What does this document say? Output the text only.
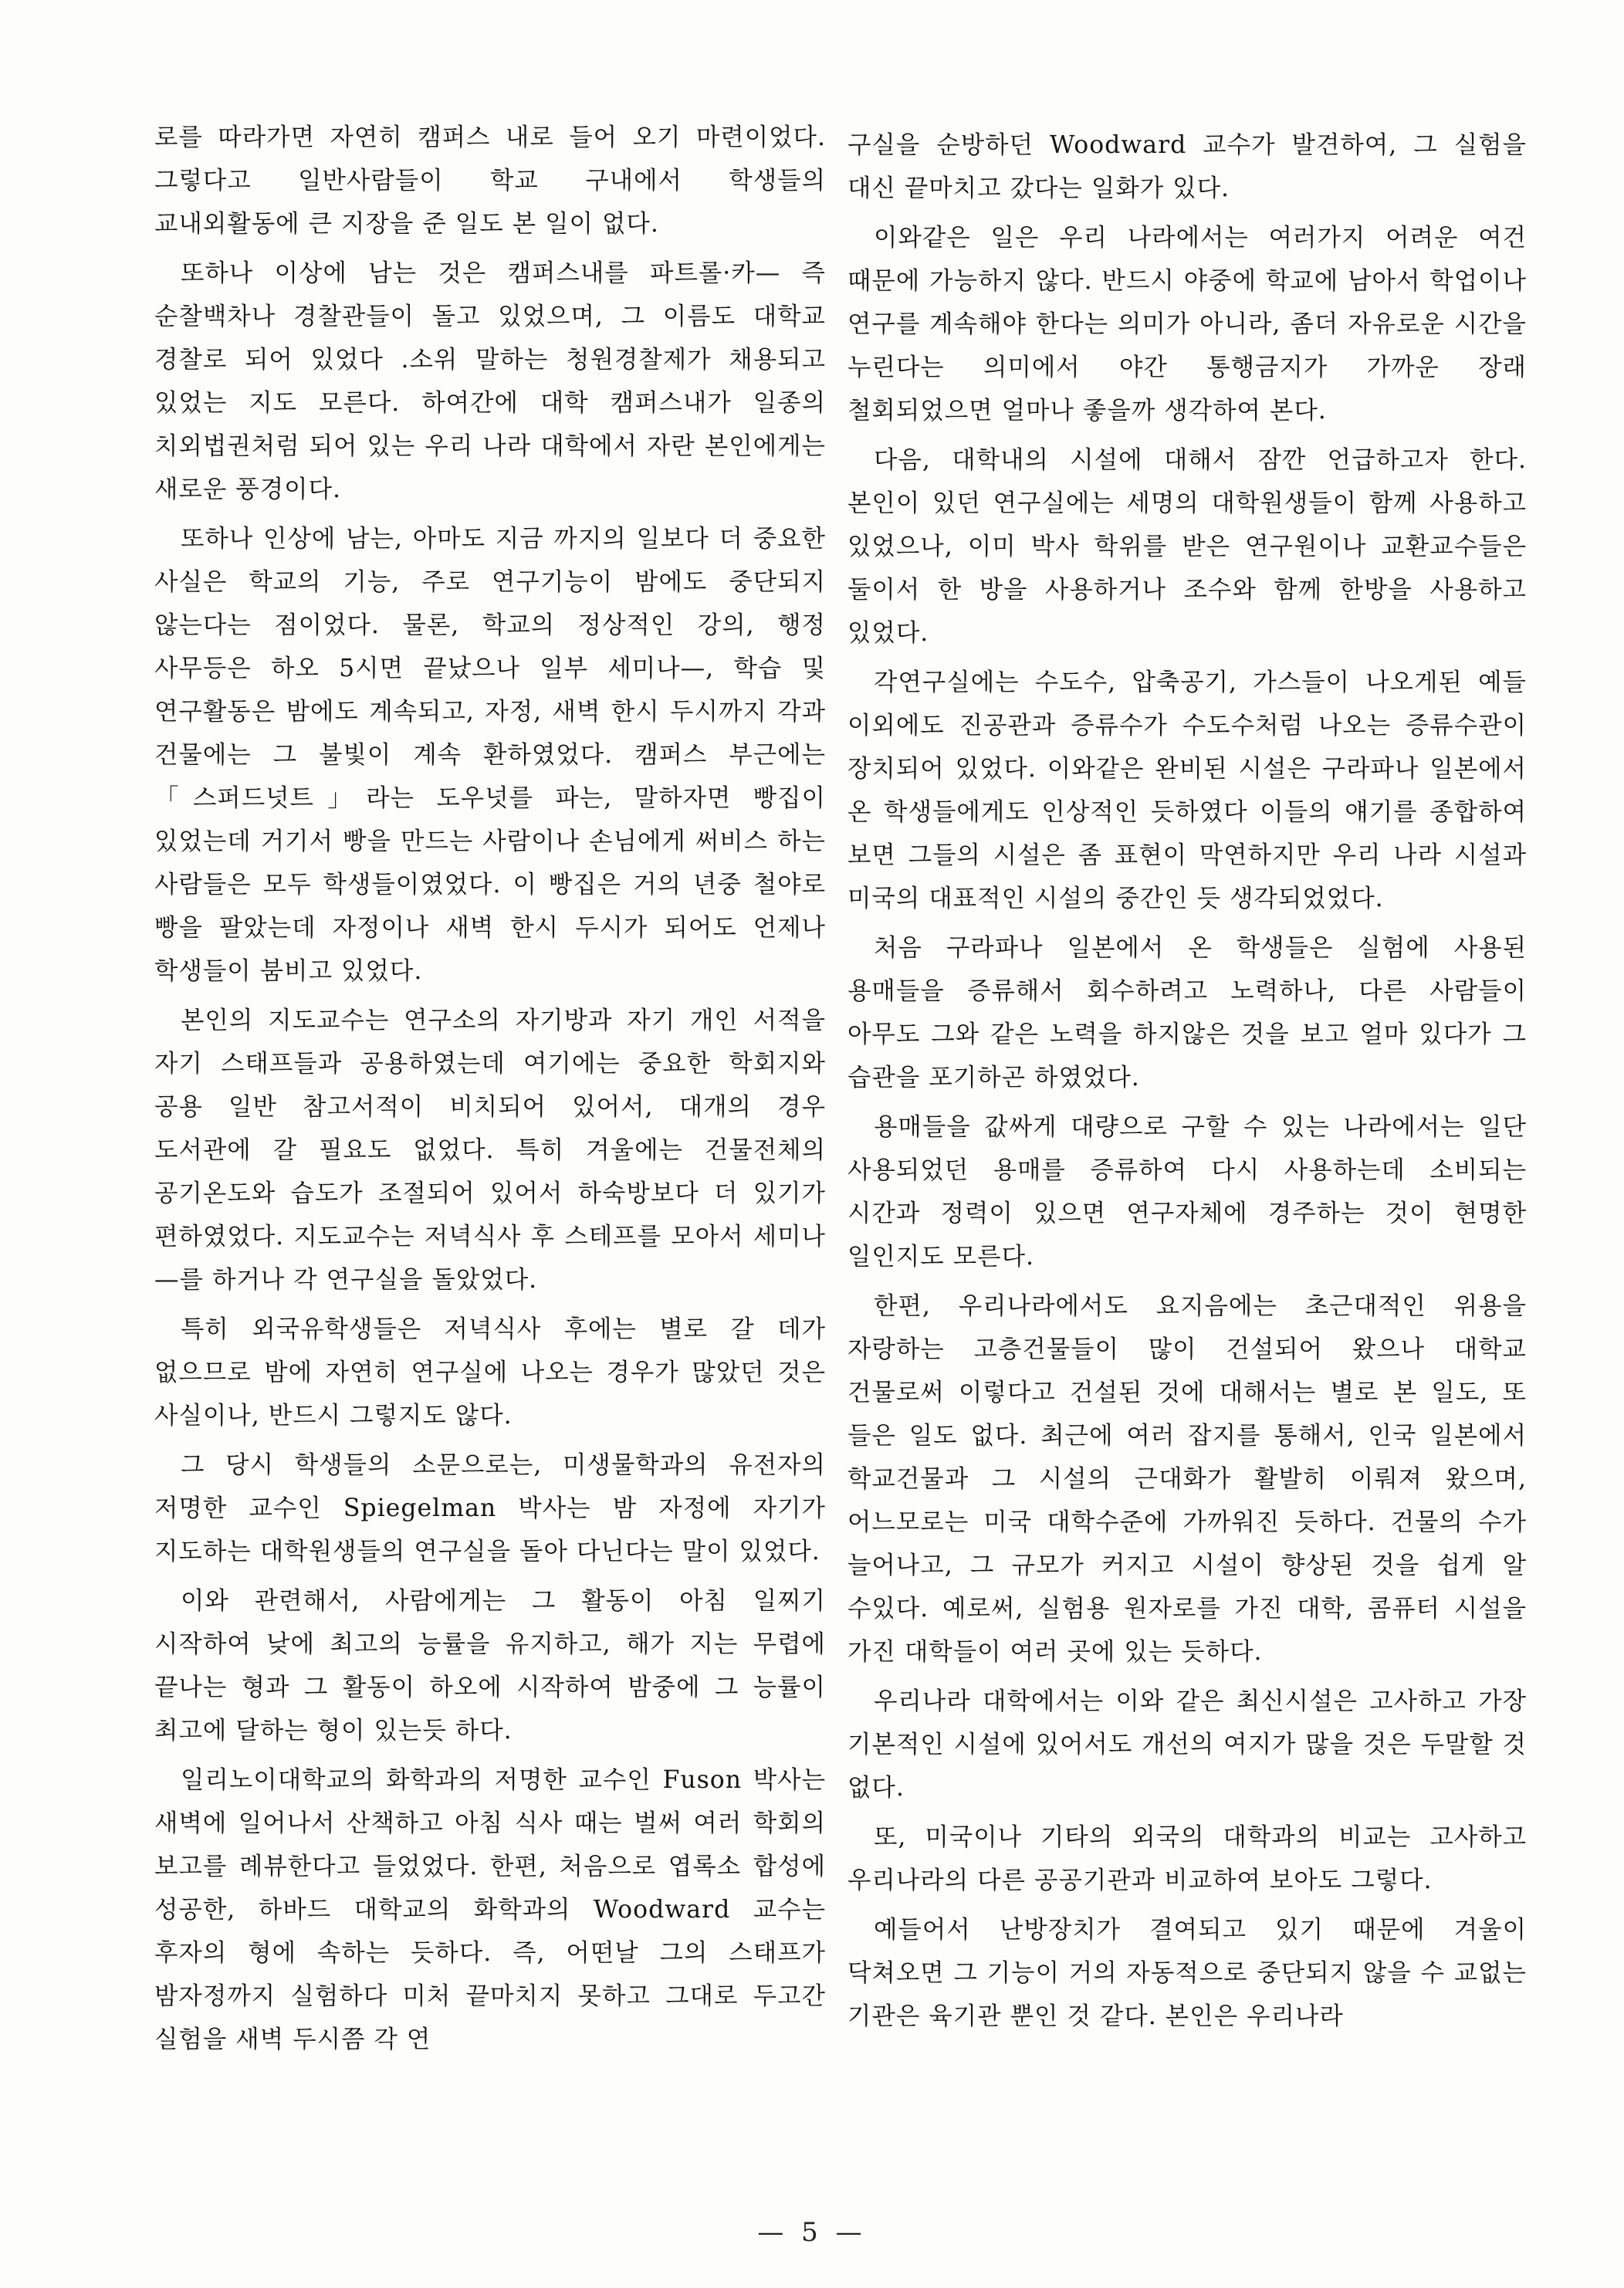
로를 따라가면 자연히 캠퍼스 내로 들어 오기 마련이었다. 그렇다고 일반사람들이 학교 구내에서 학생들의 교내외활동에 큰 지장을 준 일도 본 일이 없다.

또하나 이상에 남는 것은 캠퍼스내를 파트롤·카— 즉 순찰백차나 경찰관들이 돌고 있었으며, 그 이름도 대학교 경찰로 되어 있었다 .소위 말하는 청원경찰제가 채용되고 있었는 지도 모른다. 하여간에 대학 캠퍼스내가 일종의 치외법권처럼 되어 있는 우리 나라 대학에서 자란 본인에게는 새로운 풍경이다.

또하나 인상에 남는, 아마도 지금 까지의 일보다 더 중요한 사실은 학교의 기능, 주로 연구기능이 밤에도 중단되지 않는다는 점이었다. 물론, 학교의 정상적인 강의, 행정 사무등은 하오 5시면 끝났으나 일부 세미나—, 학습 및 연구활동은 밤에도 계속되고, 자정, 새벽 한시 두시까지 각과 건물에는 그 불빛이 계속 환하였었다. 캠퍼스 부근에는 「스퍼드넛트」라는 도우넛를 파는, 말하자면 빵집이 있었는데 거기서 빵을 만드는 사람이나 손님에게 써비스 하는 사람들은 모두 학생들이였었다. 이 빵집은 거의 년중 철야로 빵을 팔았는데 자정이나 새벽 한시 두시가 되어도 언제나 학생들이 붐비고 있었다.

본인의 지도교수는 연구소의 자기방과 자기 개인 서적을 자기 스태프들과 공용하였는데 여기에는 중요한 학회지와 공용 일반 참고서적이 비치되어 있어서, 대개의 경우 도서관에 갈 필요도 없었다. 특히 겨울에는 건물전체의 공기온도와 습도가 조절되어 있어서 하숙방보다 더 있기가 편하였었다. 지도교수는 저녁식사 후 스테프를 모아서 세미나—를 하거나 각 연구실을 돌았었다.

특히 외국유학생들은 저녁식사 후에는 별로 갈 데가 없으므로 밤에 자연히 연구실에 나오는 경우가 많았던 것은 사실이나, 반드시 그렇지도 않다.

그 당시 학생들의 소문으로는, 미생물학과의 유전자의 저명한 교수인 Spiegelman 박사는 밤 자정에 자기가 지도하는 대학원생들의 연구실을 돌아 다닌다는 말이 있었다.

이와 관련해서, 사람에게는 그 활동이 아침 일찌기 시작하여 낮에 최고의 능률을 유지하고, 해가 지는 무렵에 끝나는 형과 그 활동이 하오에 시작하여 밤중에 그 능률이 최고에 달하는 형이 있는듯 하다.

일리노이대학교의 화학과의 저명한 교수인 Fuson 박사는 새벽에 일어나서 산책하고 아침 식사 때는 벌써 여러 학회의 보고를 례뷰한다고 들었었다. 한편, 처음으로 엽록소 합성에 성공한, 하바드 대학교의 화학과의 Woodward 교수는 후자의 형에 속하는 듯하다. 즉, 어떤날 그의 스태프가 밤자정까지 실험하다 미처 끝마치지 못하고 그대로 두고간 실험을 새벽 두시쯤 각 연

구실을 순방하던 Woodward 교수가 발견하여, 그 실험을 대신 끝마치고 갔다는 일화가 있다.

이와같은 일은 우리 나라에서는 여러가지 어려운 여건 때문에 가능하지 않다. 반드시 야중에 학교에 남아서 학업이나 연구를 계속해야 한다는 의미가 아니라, 좀더 자유로운 시간을 누린다는 의미에서 야간 통행금지가 가까운 장래 철회되었으면 얼마나 좋을까 생각하여 본다.

다음, 대학내의 시설에 대해서 잠깐 언급하고자 한다. 본인이 있던 연구실에는 세명의 대학원생들이 함께 사용하고 있었으나, 이미 박사 학위를 받은 연구원이나 교환교수들은 둘이서 한 방을 사용하거나 조수와 함께 한방을 사용하고 있었다.

각연구실에는 수도수, 압축공기, 가스들이 나오게된 예들 이외에도 진공관과 증류수가 수도수처럼 나오는 증류수관이 장치되어 있었다. 이와같은 완비된 시설은 구라파나 일본에서 온 학생들에게도 인상적인 듯하였다 이들의 얘기를 종합하여 보면 그들의 시설은 좀 표현이 막연하지만 우리 나라 시설과 미국의 대표적인 시설의 중간인 듯 생각되었었다.

처음 구라파나 일본에서 온 학생들은 실험에 사용된 용매들을 증류해서 회수하려고 노력하나, 다른 사람들이 아무도 그와 같은 노력을 하지않은 것을 보고 얼마 있다가 그 습관을 포기하곤 하였었다.

용매들을 값싸게 대량으로 구할 수 있는 나라에서는 일단 사용되었던 용매를 증류하여 다시 사용하는데 소비되는 시간과 정력이 있으면 연구자체에 경주하는 것이 현명한 일인지도 모른다.

한편, 우리나라에서도 요지음에는 초근대적인 위용을 자랑하는 고층건물들이 많이 건설되어 왔으나 대학교 건물로써 이렇다고 건설된 것에 대해서는 별로 본 일도, 또 들은 일도 없다. 최근에 여러 잡지를 통해서, 인국 일본에서 학교건물과 그 시설의 근대화가 활발히 이뤄져 왔으며, 어느모로는 미국 대학수준에 가까워진 듯하다. 건물의 수가 늘어나고, 그 규모가 커지고 시설이 향상된 것을 쉽게 알 수있다. 예로써, 실험용 원자로를 가진 대학, 콤퓨터 시설을 가진 대학들이 여러 곳에 있는 듯하다.

우리나라 대학에서는 이와 같은 최신시설은 고사하고 가장 기본적인 시설에 있어서도 개선의 여지가 많을 것은 두말할 것 없다.

또, 미국이나 기타의 외국의 대학과의 비교는 고사하고 우리나라의 다른 공공기관과 비교하여 보아도 그렇다.

예들어서 난방장치가 결여되고 있기 때문에 겨울이 닥쳐오면 그 기능이 거의 자동적으로 중단되지 않을 수 교없는 기관은 육기관 뿐인 것 같다. 본인은 우리나라

— 5 —
